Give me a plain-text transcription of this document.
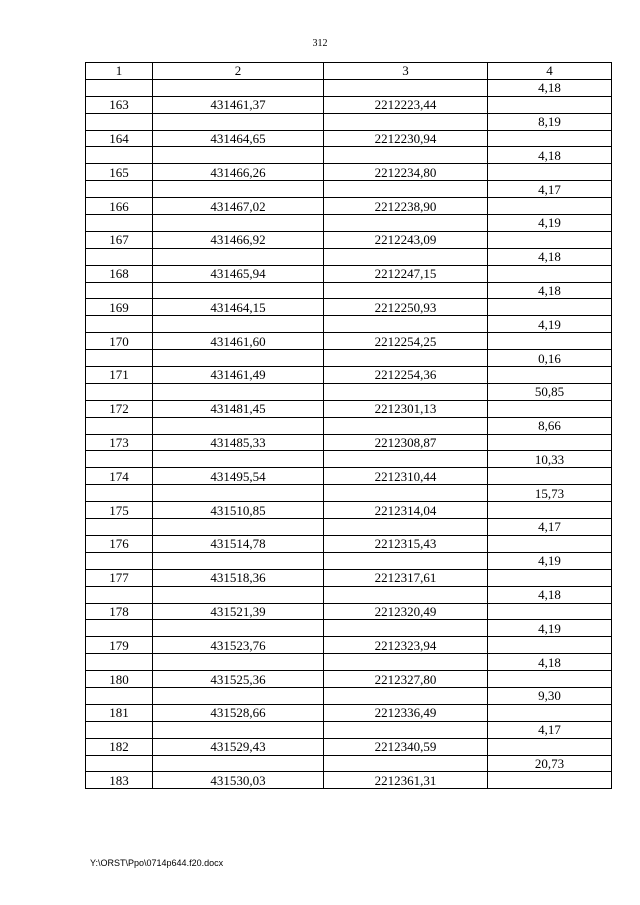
312
1	2	3	4
			4,18
163	431461,37	2212223,44	
			8,19
164	431464,65	2212230,94	
			4,18
165	431466,26	2212234,80	
			4,17
166	431467,02	2212238,90	
			4,19
167	431466,92	2212243,09	
			4,18
168	431465,94	2212247,15	
			4,18
169	431464,15	2212250,93	
			4,19
170	431461,60	2212254,25	
			0,16
171	431461,49	2212254,36	
			50,85
172	431481,45	2212301,13	
			8,66
173	431485,33	2212308,87	
			10,33
174	431495,54	2212310,44	
			15,73
175	431510,85	2212314,04	
			4,17
176	431514,78	2212315,43	
			4,19
177	431518,36	2212317,61	
			4,18
178	431521,39	2212320,49	
			4,19
179	431523,76	2212323,94	
			4,18
180	431525,36	2212327,80	
			9,30
181	431528,66	2212336,49	
			4,17
182	431529,43	2212340,59	
			20,73
183	431530,03	2212361,31	
Y:\ORST\Ppo\0714p644.f20.docx
